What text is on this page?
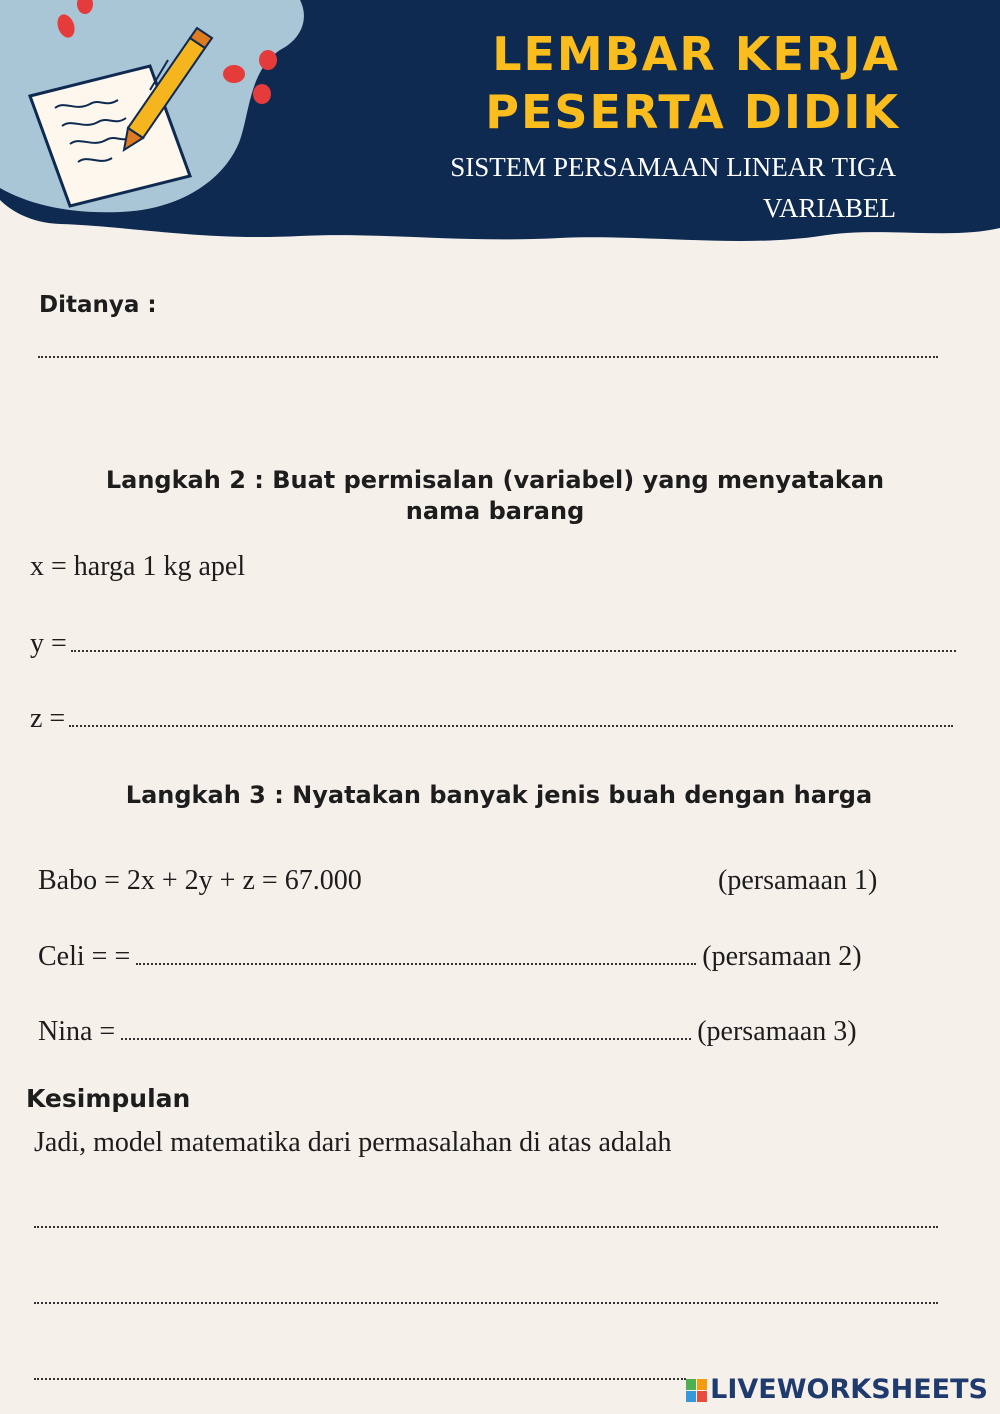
LEMBAR KERJA
PESERTA DIDIK
SISTEM PERSAMAAN LINEAR TIGA
VARIABEL
Ditanya :
Langkah 2 : Buat permisalan (variabel) yang menyatakan
nama barang
x = harga 1 kg apel
y =
z =
Langkah 3 : Nyatakan banyak jenis buah dengan harga
Babo = 2x + 2y + z = 67.000	(persamaan 1)
Celi = =	(persamaan 2)
Nina =	(persamaan 3)
Kesimpulan
Jadi, model matematika dari permasalahan di atas adalah
LIVEWORKSHEETS
